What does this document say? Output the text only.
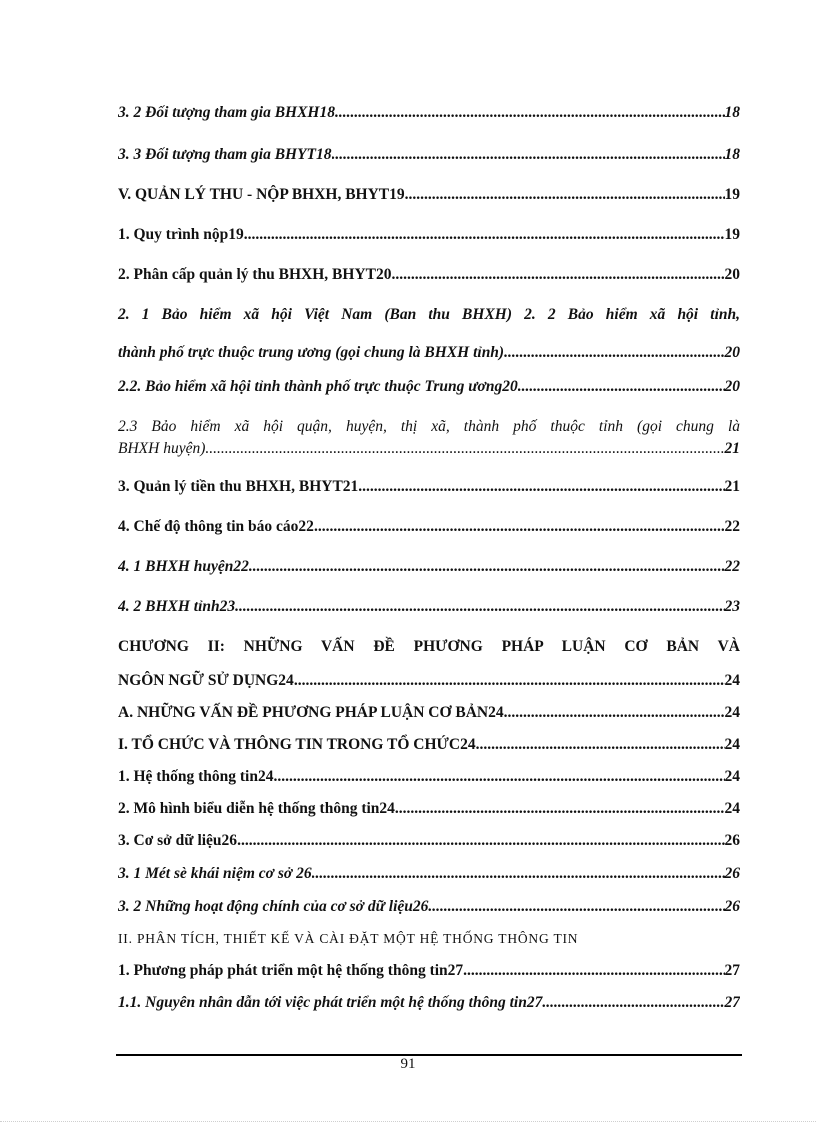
3. 2 Đối tượng tham gia BHXH18 .....	18
3. 3 Đối tượng tham gia BHYT18 .....	18
V. QUẢN LÝ THU - NỘP BHXH, BHYT19 .....	19
1. Quy trình nộp19 .....	19
2. Phân cấp quản lý thu BHXH, BHYT20 .....	20
2. 1 Bảo hiểm xã hội Việt Nam (Ban thu BHXH) 2. 2 Bảo hiểm xã hội tỉnh,
thành phố trực thuộc trung ương (gọi chung là BHXH tỉnh) .....	20
2.2. Bảo hiểm xã hội tỉnh thành phố trực thuộc Trung ương20 .....	20
2.3 Bảo hiểm xã hội quận, huyện, thị xã, thành phố thuộc tỉnh (gọi chung là
BHXH huyện) .....	21
3. Quản lý tiền thu BHXH, BHYT21 .....	21
4. Chế độ thông tin báo cáo22 .....	22
4. 1 BHXH huyện22 .....	22
4. 2 BHXH tỉnh23 .....	23
CHƯƠNG II: NHỮNG VẤN ĐỀ PHƯƠNG PHÁP LUẬN CƠ BẢN VÀ
NGÔN NGỮ SỬ DỤNG24 .....	24
A. NHỮNG VẤN ĐỀ PHƯƠNG PHÁP LUẬN CƠ BẢN24 .....	24
I. TỔ CHỨC VÀ THÔNG TIN TRONG TỔ CHỨC24 .....	24
1. Hệ thống thông tin24 .....	24
2. Mô hình biểu diễn hệ thống thông tin24 .....	24
3. Cơ sở dữ liệu26 .....	26
3. 1 Mét sè khái niệm cơ sở 26 .....	26
3. 2 Những hoạt động chính của cơ sở dữ liệu26 .....	26
II. PHÂN TÍCH, THIẾT KẾ VÀ CÀI ĐẶT MỘT HỆ THỐNG THÔNG TIN
1. Phương pháp phát triển một hệ thống thông tin27 .....	27
1.1. Nguyên nhân dẫn tới việc phát triển một hệ thống thông tin27 .....	27
91
